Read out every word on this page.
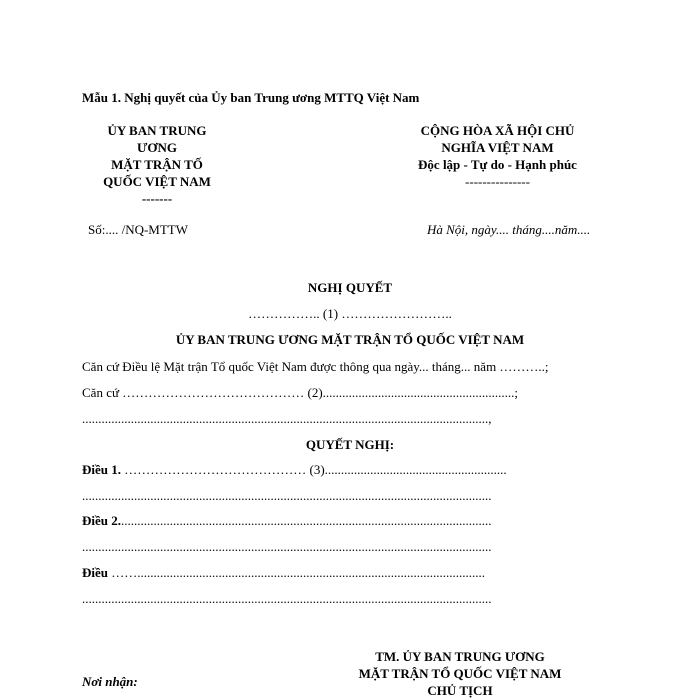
Mẫu 1. Nghị quyết của Ủy ban Trung ương MTTQ Việt Nam
ỦY BAN TRUNG
ƯƠNG
MẶT TRẬN TỐ
QUỐC VIỆT NAM
-------
Số:.... /NQ-MTTW
CỘNG HÒA XÃ HỘI CHỦ
NGHĨA VIỆT NAM
Độc lập - Tự do - Hạnh phúc
---------------
Hà Nội, ngày.... tháng....năm....
NGHỊ QUYẾT
…………….. (1) ……………………..
ỦY BAN TRUNG ƯƠNG MẶT TRẬN TỔ QUỐC VIỆT NAM
Căn cứ Điều lệ Mặt trận Tổ quốc Việt Nam được thông qua ngày... tháng... năm ………..;
Căn cứ …………………………………… (2)...........................................................;
.............................................................................................................................,
QUYẾT NGHỊ:
Điều 1. …………………………………… (3)........................................................
..............................................................................................................................
Điều 2...................................................................................................................
..............................................................................................................................
Điều ……...........................................................................................................
..............................................................................................................................
TM. ỦY BAN TRUNG ƯƠNG
MẶT TRẬN TỔ QUỐC VIỆT NAM
CHỦ TỊCH
Nơi nhận:
